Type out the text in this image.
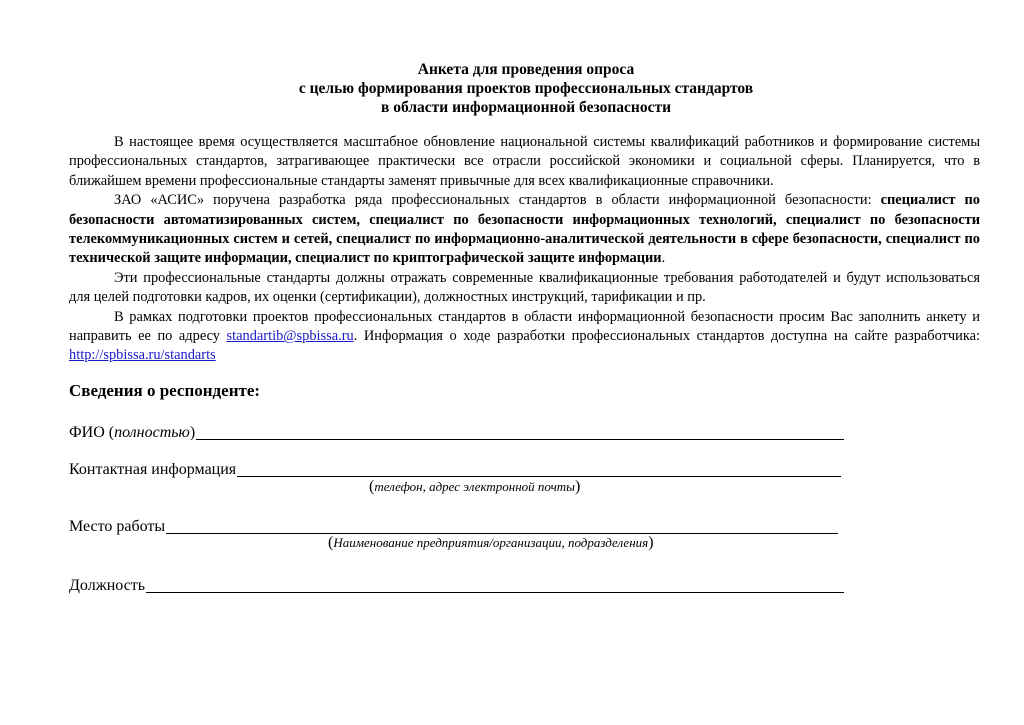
Анкета для проведения опроса
с целью формирования проектов профессиональных стандартов
в области информационной безопасности

В настоящее время осуществляется масштабное обновление национальной системы квалификаций работников и формирование системы профессиональных стандартов, затрагивающее практически все отрасли российской экономики и социальной сферы. Планируется, что в ближайшем времени профессиональные стандарты заменят привычные для всех квалификационные справочники.

ЗАО «АСИС» поручена разработка ряда профессиональных стандартов в области информационной безопасности: специалист по безопасности автоматизированных систем, специалист по безопасности информационных технологий, специалист по безопасности телекоммуникационных систем и сетей, специалист по информационно-аналитической деятельности в сфере безопасности, специалист по технической защите информации, специалист по криптографической защите информации.

Эти профессиональные стандарты должны отражать современные квалификационные требования работодателей и будут использоваться для целей подготовки кадров, их оценки (сертификации), должностных инструкций, тарификации и пр.

В рамках подготовки проектов профессиональных стандартов в области информационной безопасности просим Вас заполнить анкету и направить ее по адресу standartib@spbissa.ru. Информация о ходе разработки профессиональных стандартов доступна на сайте разработчика: http://spbissa.ru/standarts

Сведения о респонденте:
ФИО (полностью)
Контактная информация
(телефон, адрес электронной почты)
Место работы
(Наименование предприятия/организации, подразделения)
Должность
